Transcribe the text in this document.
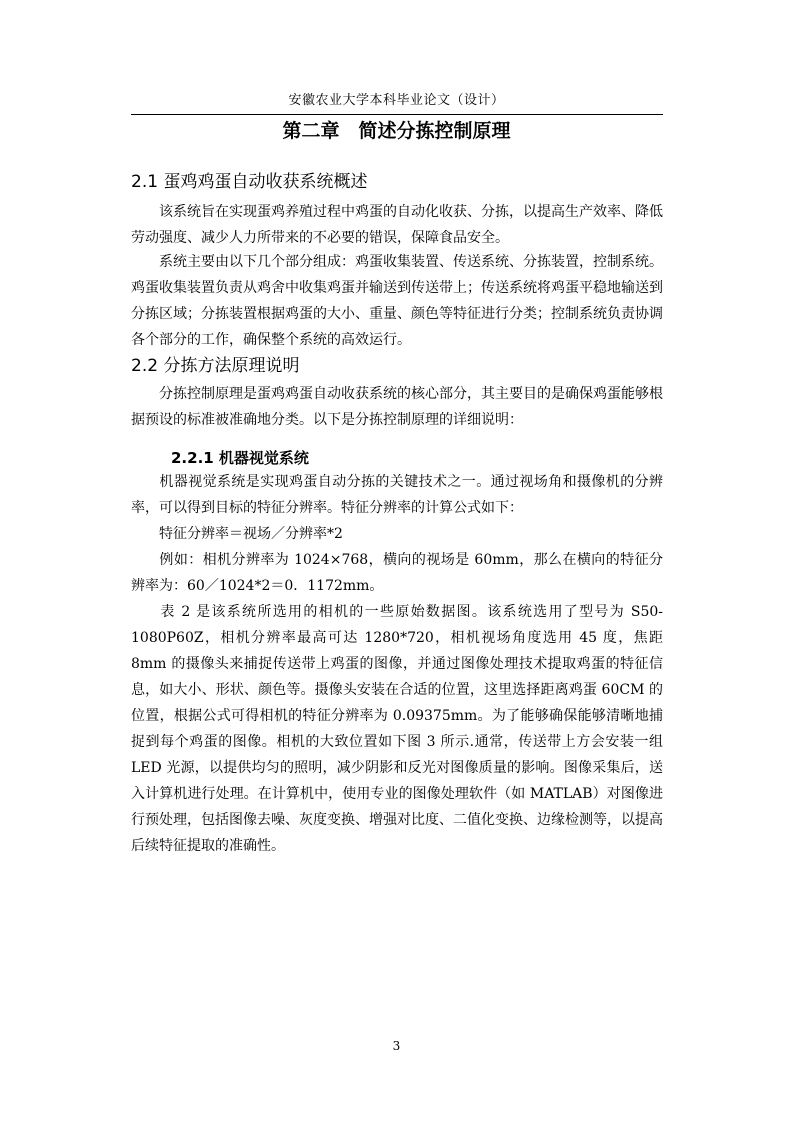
安徽农业大学本科毕业论文（设计）
第二章　简述分拣控制原理
2.1 蛋鸡鸡蛋自动收获系统概述

该系统旨在实现蛋鸡养殖过程中鸡蛋的自动化收获、分拣，以提高生产效率、降低劳动强度、减少人力所带来的不必要的错误，保障食品安全。

系统主要由以下几个部分组成：鸡蛋收集装置、传送系统、分拣装置，控制系统。鸡蛋收集装置负责从鸡舍中收集鸡蛋并输送到传送带上；传送系统将鸡蛋平稳地输送到分拣区域；分拣装置根据鸡蛋的大小、重量、颜色等特征进行分类；控制系统负责协调各个部分的工作，确保整个系统的高效运行。

2.2 分拣方法原理说明

分拣控制原理是蛋鸡鸡蛋自动收获系统的核心部分，其主要目的是确保鸡蛋能够根据预设的标准被准确地分类。以下是分拣控制原理的详细说明：

2.2.1 机器视觉系统

机器视觉系统是实现鸡蛋自动分拣的关键技术之一。通过视场角和摄像机的分辨率，可以得到目标的特征分辨率。特征分辨率的计算公式如下：

特征分辨率＝视场／分辨率*2

例如：相机分辨率为 1024×768，横向的视场是 60mm，那么在横向的特征分辨率为：60／1024*2＝0．1172mm。

表 2 是该系统所选用的相机的一些原始数据图。该系统选用了型号为 S50-1080P60Z，相机分辨率最高可达 1280*720，相机视场角度选用 45 度，焦距 8mm 的摄像头来捕捉传送带上鸡蛋的图像，并通过图像处理技术提取鸡蛋的特征信息，如大小、形状、颜色等。摄像头安装在合适的位置，这里选择距离鸡蛋 60CM 的位置，根据公式可得相机的特征分辨率为 0.09375mm。为了能够确保能够清晰地捕捉到每个鸡蛋的图像。相机的大致位置如下图 3 所示.通常，传送带上方会安装一组 LED 光源，以提供均匀的照明，减少阴影和反光对图像质量的影响。图像采集后，送入计算机进行处理。在计算机中，使用专业的图像处理软件（如 MATLAB）对图像进行预处理，包括图像去噪、灰度变换、增强对比度、二值化变换、边缘检测等，以提高后续特征提取的准确性。

3
